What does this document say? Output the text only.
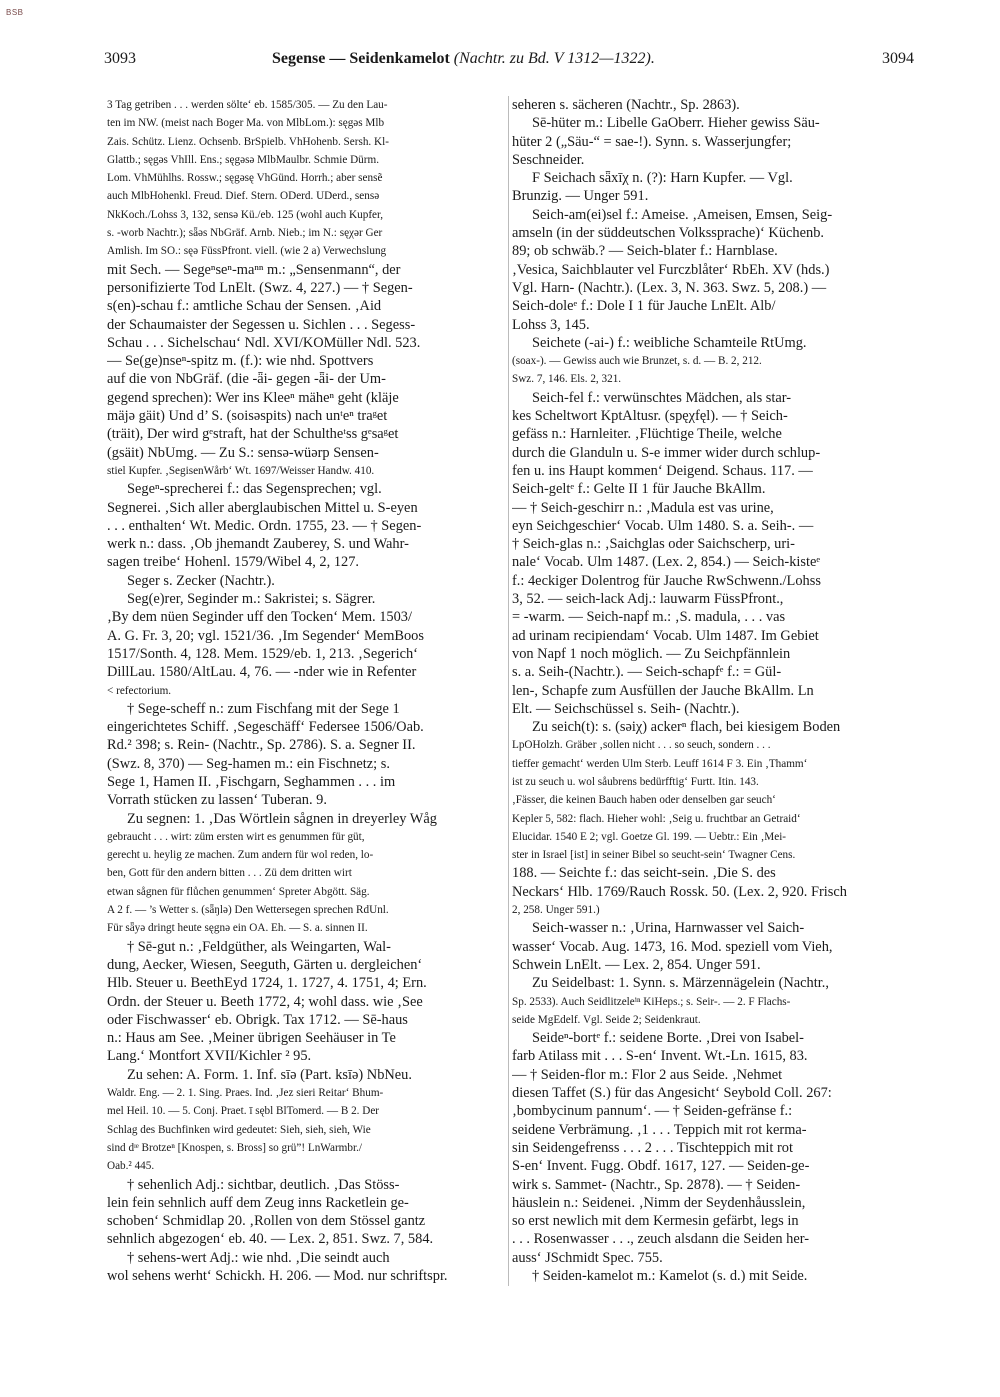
BSB
3093	Segense — Seidenkamelot (Nachtr. zu Bd. V 1312—1322).	3094
3 Tag getriben . . . werden sölte‘ eb. 1585/305. — Zu den Lau-
ten im NW. (meist nach Boger Ma. von MlbLom.): sęgəs Mlb
Zais. Schütz. Lienz. Ochsenb. BrSpielb. VhHohenb. Sersh. Kl-
Glattb.; sęgəs VhIll. Ens.; sęgəsə MlbMaulbr. Schmie Dürm.
Lom. VhMühlhs. Rossw.; sęgəsę VhGünd. Horrh.; aber sensẽ
auch MlbHohenkl. Freud. Dief. Stern. ODerd. UDerd., sensə
NkKoch./Lohss 3, 132, sensə Kü./eb. 125 (wohl auch Kupfer,
s. -worb Nachtr.); sǟəs NbGräf. Arnb. Nieb.; im N.: sęχər Ger
Amlish. Im SO.: sęə FüssPfront. viell. (wie 2 a) Verwechslung
mit Sech. — Segeⁿseⁿ-maⁿⁿ m.: „Sensenmann“, der
personifizierte Tod LnElt. (Swz. 4, 227.) — † Segen-
s(en)-schau f.: amtliche Schau der Sensen. ‚Aid
der Schaumaister der Segessen u. Sichlen . . . Segess-
Schau . . . Sichelschau‘ Ndl. XVI/KOMüller Ndl. 523.
— Se(ge)nseⁿ-spitz m. (f.): wie nhd. Spottvers
auf die von NbGräf. (die -ǟi- gegen -ǟi- der Um-
gegend sprechen): Wer ins Kleeⁿ mäheⁿ geht (kläje
mäjə gäit) Und d’ S. (soisəspits) nach unᵗeⁿ traᵍet
(träit), Der wird gᵉstraft, hat der Schultheᵗss gᵉsaᵍet
(gsäit) NbUmg. — Zu S.: sensə-wüərp Sensen-
stiel Kupfer. ‚SegisenWårb‘ Wt. 1697/Weisser Handw. 410.
Segeⁿ-sprecherei f.: das Segensprechen; vgl.
Segnerei. ‚Sich aller aberglaubischen Mittel u. S-eyen
. . . enthalten‘ Wt. Medic. Ordn. 1755, 23. — † Segen-
werk n.: dass. ‚Ob jhemandt Zauberey, S. und Wahr-
sagen treibe‘ Hohenl. 1579/Wibel 4, 2, 127.
Seger s. Zecker (Nachtr.).
Seg(e)rer, Seginder m.: Sakristei; s. Sägrer.
‚By dem nüen Seginder uff den Tocken‘ Mem. 1503/
A. G. Fr. 3, 20; vgl. 1521/36. ‚Im Segender‘ MemBoos
1517/Sonth. 4, 128. Mem. 1529/eb. 1, 213. ‚Segerich‘
DillLau. 1580/AltLau. 4, 76. — -nder wie in Refenter
< refectorium.
† Sege-scheff n.: zum Fischfang mit der Sege 1
eingerichtetes Schiff. ‚Segeschäff‘ Federsee 1506/Oab.
Rd.² 398; s. Rein- (Nachtr., Sp. 2786). S. a. Segner II.
(Swz. 8, 370) — Seg-hamen m.: ein Fischnetz; s.
Sege 1, Hamen II. ‚Fischgarn, Seghammen . . . im
Vorrath stücken zu lassen‘ Tuberan. 9.
Zu segnen: 1. ‚Das Wörtlein sågnen in dreyerley Wåg
gebraucht . . . wirt: züm ersten wirt es genummen für güt,
gerecht u. heylig ze machen. Zum andern für wol reden, lo-
ben, Gott für den andern bitten . . . Zü dem dritten wirt
etwan sågnen für flůchen genummen‘ Spreter Abgött. Säg.
A 2 f. — ’s Wetter s. (sǟŋlə) Den Wettersegen sprechen RdUnl.
Für sǟyə dringt heute sęgnə ein OA. Eh. — S. a. sinnen II.
† Sē-gut n.: ‚Feldgüther, als Weingarten, Wal-
dung, Aecker, Wiesen, Seeguth, Gärten u. dergleichen‘
Hlb. Steuer u. BeethEyd 1724, 1. 1727, 4. 1751, 4; Ern.
Ordn. der Steuer u. Beeth 1772, 4; wohl dass. wie ‚See
oder Fischwasser‘ eb. Obrigk. Tax 1712. — Sē-haus
n.: Haus am See. ‚Meiner übrigen Seehäuser in Te
Lang.‘ Montfort XVII/Kichler ² 95.
Zu sehen: A. Form. 1. Inf. sīə (Part. ksīə) NbNeu.
Waldr. Eng. — 2. 1. Sing. Praes. Ind. ‚Jez sieri Reitar‘ Bhum-
mel Heil. 10. — 5. Conj. Praet. ī sębl BlTomerd. — B 2. Der
Schlag des Buchfinken wird gedeutet: Sieh, sieh, sieh, Wie
sind dᶦᵉ Brotzeⁿ [Knospen, s. Bross] so grü”! LnWarmbr./
Oab.² 445.
† sehenlich Adj.: sichtbar, deutlich. ‚Das Stöss-
lein fein sehnlich auff dem Zeug inns Racketlein ge-
schoben‘ Schmidlap 20. ‚Rollen von dem Stössel gantz
sehnlich abgezogen‘ eb. 40. — Lex. 2, 851. Swz. 7, 584.
† sehens-wert Adj.: wie nhd. ‚Die seindt auch
wol sehens werht‘ Schickh. H. 206. — Mod. nur schriftspr.
seheren s. sächeren (Nachtr., Sp. 2863).
Sē-hüter m.: Libelle GaOberr. Hieher gewiss Säu-
hüter 2 („Säu-“ = sae-!). Synn. s. Wasserjungfer;
Seschneider.
F Seichach sǟxīχ n. (?): Harn Kupfer. — Vgl.
Brunzig. — Unger 591.
Seich-am(ei)sel f.: Ameise. ‚Ameisen, Emsen, Seig-
amseln (in der süddeutschen Volkssprache)‘ Küchenb.
89; ob schwäb.? — Seich-blater f.: Harnblase.
‚Vesica, Saichblauter vel Furczblåter‘ RbEh. XV (hds.)
Vgl. Harn- (Nachtr.). (Lex. 3, N. 363. Swz. 5, 208.) —
Seich-doleᵉ f.: Dole I 1 für Jauche LnElt. Alb/
Lohss 3, 145.
Seichete (-ai-) f.: weibliche Schamteile RtUmg.
(soax-). — Gewiss auch wie Brunzet, s. d. — B. 2, 212.
Swz. 7, 146. Els. 2, 321.
Seich-fel f.: verwünschtes Mädchen, als star-
kes Scheltwort KptAltusr. (spęχfęl). — † Seich-
gefäss n.: Harnleiter. ‚Flüchtige Theile, welche
durch die Glanduln u. S-e immer wider durch schlup-
fen u. ins Haupt kommen‘ Deigend. Schaus. 117. —
Seich-geltᵉ f.: Gelte II 1 für Jauche BkAllm.
— † Seich-geschirr n.: ‚Madula est vas urine,
eyn Seichgeschier‘ Vocab. Ulm 1480. S. a. Seih-. —
† Seich-glas n.: ‚Saichglas oder Saichscherp, uri-
nale‘ Vocab. Ulm 1487. (Lex. 2, 854.) — Seich-kisteᵉ
f.: 4eckiger Dolentrog für Jauche RwSchwenn./Lohss
3, 52. — seich-lack Adj.: lauwarm FüssPfront.,
= -warm. — Seich-napf m.: ‚S. madula, . . . vas
ad urinam recipiendam‘ Vocab. Ulm 1487. Im Gebiet
von Napf 1 noch möglich. — Zu Seichpfännlein
s. a. Seih-(Nachtr.). — Seich-schapfᵉ f.: = Gül-
len-, Schapfe zum Ausfüllen der Jauche BkAllm. Ln
Elt. — Seichschüssel s. Seih- (Nachtr.).
Zu seich(t): s. (səiχ) ackerⁿ flach, bei kiesigem Boden
LpOHolzh. Gräber ‚sollen nicht . . . so seuch, sondern . . .
tieffer gemacht‘ werden Ulm Sterb. Leuff 1614 F 3. Ein ‚Thamm‘
ist zu seuch u. wol såubrens bedürfftig‘ Furtt. Itin. 143.
‚Fässer, die keinen Bauch haben oder denselben gar seuch‘
Kepler 5, 582: flach. Hieher wohl: ‚Seig u. fruchtbar an Getraid‘
Elucidar. 1540 E 2; vgl. Goetze Gl. 199. — Uebtr.: Ein ‚Mei-
ster in Israel [ist] in seiner Bibel so seucht-sein‘ Twagner Cens.
188. — Seichte f.: das seicht-sein. ‚Die S. des
Neckars‘ Hlb. 1769/Rauch Rossk. 50. (Lex. 2, 920. Frisch
2, 258. Unger 591.)
Seich-wasser n.: ‚Urina, Harnwasser vel Saich-
wasser‘ Vocab. Aug. 1473, 16. Mod. speziell vom Vieh,
Schwein LnElt. — Lex. 2, 854. Unger 591.
Zu Seidelbast: 1. Synn. s. Märzennägelein (Nachtr.,
Sp. 2533). Auch Seidlitzeleⁱⁿ KiHeps.; s. Seir-. — 2. F Flachs-
seide MgEdelf. Vgl. Seide 2; Seidenkraut.
Seideⁿ-bortᵉ f.: seidene Borte. ‚Drei von Isabel-
farb Atilass mit . . . S-en‘ Invent. Wt.-Ln. 1615, 83.
— † Seiden-flor m.: Flor 2 aus Seide. ‚Nehmet
diesen Taffet (S.) für das Angesicht‘ Seybold Coll. 267:
‚bombycinum pannum‘. — † Seiden-gefränse f.:
seidene Verbrämung. ‚1 . . . Teppich mit rot kerma-
sin Seidengefrenss . . . 2 . . . Tischteppich mit rot
S-en‘ Invent. Fugg. Obdf. 1617, 127. — Seiden-ge-
wirk s. Sammet- (Nachtr., Sp. 2878). — † Seiden-
häuslein n.: Seidenei. ‚Nimm der Seydenhåusslein,
so erst newlich mit dem Kermesin gefärbt, legs in
. . . Rosenwasser . . ., zeuch alsdann die Seiden her-
auss‘ JSchmidt Spec. 755.
† Seiden-kamelot m.: Kamelot (s. d.) mit Seide.
